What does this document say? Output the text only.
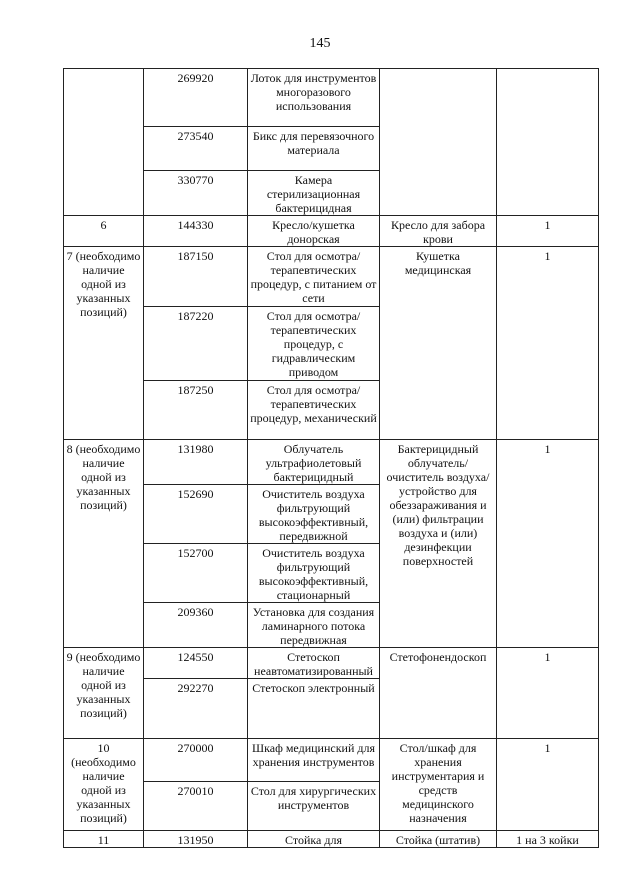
145
	269920	Лоток для инструментов многоразового использования		
	273540	Бикс для перевязочного материала		
	330770	Камера стерилизационная бактерицидная		
6	144330	Кресло/кушетка донорская	Кресло для забора крови	1
7 (необходимо наличие одной из указанных позиций)	187150	Стол для осмотра/ терапевтических процедур, с питанием от сети	Кушетка медицинская	1
	187220	Стол для осмотра/ терапевтических процедур, с гидравлическим приводом		
	187250	Стол для осмотра/ терапевтических процедур, механический		
8 (необходимо наличие одной из указанных позиций)	131980	Облучатель ультрафиолетовый бактерицидный	Бактерицидный облучатель/ очиститель воздуха/ устройство для обеззараживания и (или) фильтрации воздуха и (или) дезинфекции поверхностей	1
	152690	Очиститель воздуха фильтрующий высокоэффективный, передвижной		
	152700	Очиститель воздуха фильтрующий высокоэффективный, стационарный		
	209360	Установка для создания ламинарного потока передвижная		
9 (необходимо наличие одной из указанных позиций)	124550	Стетоскоп неавтоматизированный	Стетофонендоскоп	1
	292270	Стетоскоп электронный		
10 (необходимо наличие одной из указанных позиций)	270000	Шкаф медицинский для хранения инструментов	Стол/шкаф для хранения инструментария и средств медицинского назначения	1
	270010	Стол для хирургических инструментов		
11	131950	Стойка для	Стойка (штатив)	1 на 3 койки
